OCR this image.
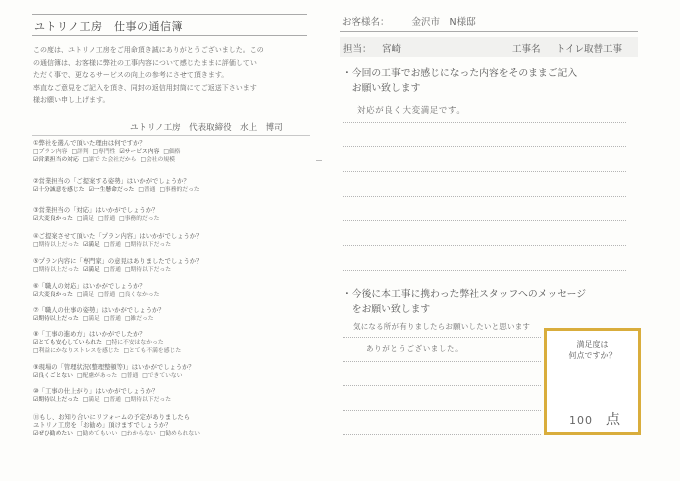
ユトリノ工房　仕事の通信簿

この度は、ユトリノ工房をご用命頂き誠にありがとうございました。この

の通信簿は、お客様に弊社の工事内容について感じたままに評価してい

ただく事で、更なるサービスの向上の参考にさせて頂きます。

率直なご意見をご記入を頂き、同封の返信用封筒にてご返送下さいます

様お願い申し上げます。

ユトリノ工房　代表取締役　水上　博司
①弊社を選んで頂いた理由は何ですか？
□プラン内容 □評判 □専門性 ☑サービス内容 □価格
☑営業担当の対応 □諸で た会社だから □会社の規模
②営業担当の「ご提案する姿勢」はいかがでしょうか？
☑十分誠意を感じた ☑一生懸命だった □普通 □事務的だった
③営業担当の「対応」はいかがでしょうか？
☑大変良かった □満足 □普通 □事務的だった
④ご提案させて頂いた「プラン内容」はいかがでしょうか？
□期待以上だった ☑満足 □普通 □期待以下だった
⑤プラン内容に「専門家」の意見はありましたでしょうか？
□期待以上だった ☑満足 □普通 □期待以下だった
⑥「職人の対応」はいかがでしょうか？
☑大変良かった □満足 □普通 □良くなかった
⑦「職人の仕事の姿勢」はいかがでしょうか？
☑期待以上だった □満足 □普通 □雑だった
⑧「工事の進め方」はいかがでしたか？
☑とても安心していられた □特に不安はなかった
□利益にかなりストレスを感じた □とても不満を感じた
⑨現場の「管理状況(整理整頓等)」はいかがでしょうか？
☑良くごとない □配慮があった □普通 □できていない
⑩「工事の仕上がり」はいかがでしょうか？
☑期待以上だった □満足 □普通 □期待以下だった
⑪もし、お知り合いにリフォームの予定がありましたら
ユトリノ工房を「お勧め」頂けますでしょうか？
☑ぜひ勧めたい □勧めてもいい □わからない □勧められない
お客様名： 金沢市　N様邸
担当： 宮崎	工事名 トイレ取替工事
・今回の工事でお感じになった内容をそのままご記入
　お願い致します
対応が良く大変満足です。
・今後に本工事に携わった弊社スタッフへのメッセージ
　をお願い致します
気になる所が有りましたらお願いしたいと思います
ありがとうございました。	満足度は
何点ですか？
100 点
